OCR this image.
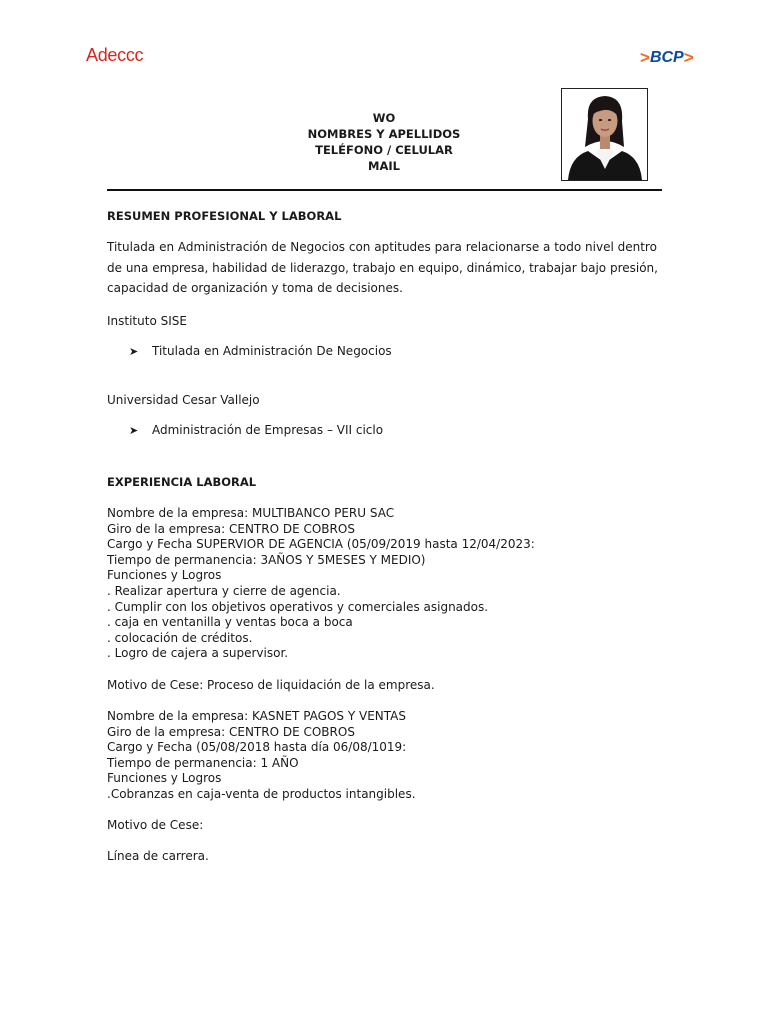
Adeccc	> BCP >
WO
NOMBRES Y APELLIDOS
TELÉFONO / CELULAR
MAIL
RESUMEN PROFESIONAL Y LABORAL
Titulada en Administración de Negocios con aptitudes para relacionarse a todo nivel dentro de una empresa, habilidad de liderazgo, trabajo en equipo, dinámico, trabajar bajo presión, capacidad de organización y toma de decisiones.
Instituto SISE
➤	Titulada en Administración De Negocios
Universidad Cesar Vallejo
➤	Administración de Empresas – VII ciclo
EXPERIENCIA LABORAL
Nombre de la empresa: MULTIBANCO PERU SAC
Giro de la empresa: CENTRO DE COBROS
Cargo y Fecha SUPERVIOR DE AGENCIA (05/09/2019 hasta 12/04/2023:
Tiempo de permanencia: 3AÑOS Y 5MESES Y MEDIO)
Funciones y Logros
. Realizar apertura y cierre de agencia.
. Cumplir con los objetivos operativos y comerciales asignados.
. caja en ventanilla y ventas boca a boca
. colocación de créditos.
. Logro de cajera a supervisor.
Motivo de Cese: Proceso de liquidación de la empresa.
Nombre de la empresa: KASNET PAGOS Y VENTAS
Giro de la empresa: CENTRO DE COBROS
Cargo y Fecha (05/08/2018 hasta día 06/08/1019:
Tiempo de permanencia: 1 AÑO
Funciones y Logros
.Cobranzas en caja-venta de productos intangibles.
Motivo de Cese:
Línea de carrera.
